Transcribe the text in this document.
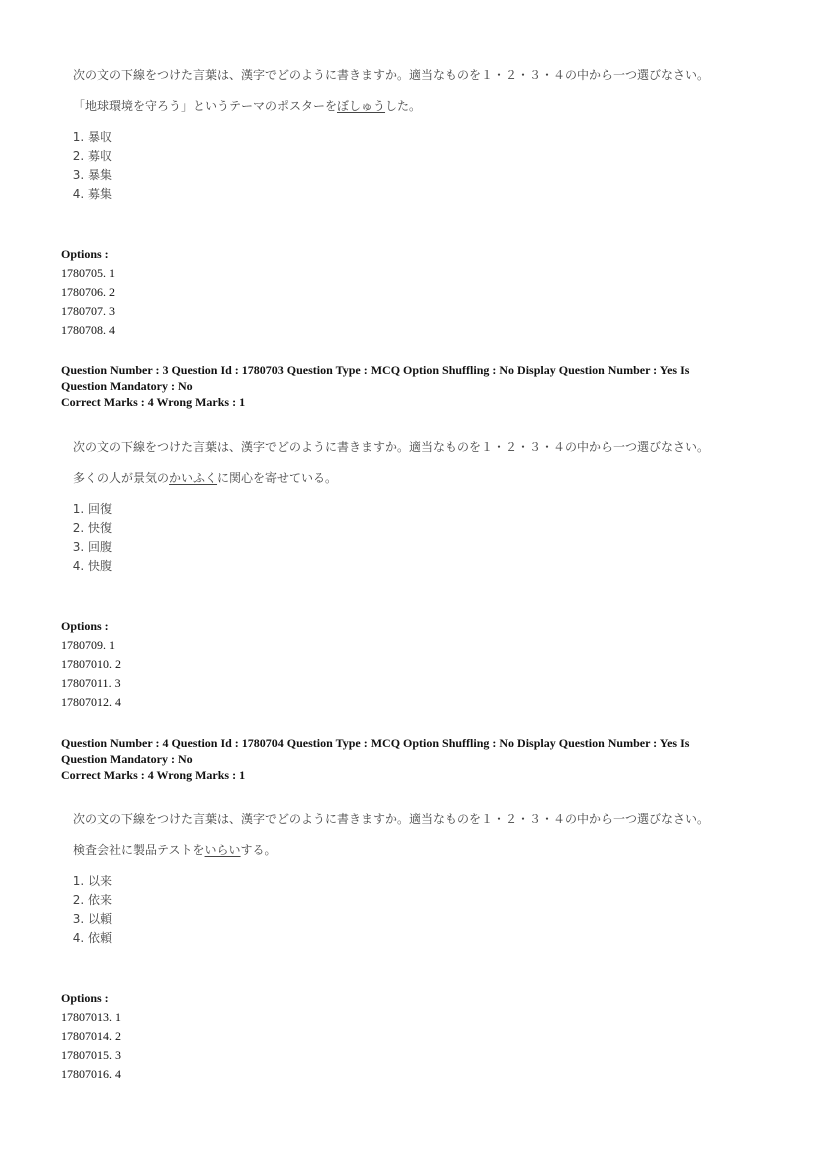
次の文の下線をつけた言葉は、漢字でどのように書きますか。適当なものを１・２・３・４の中から一つ選びなさい。
「地球環境を守ろう」というテーマのポスターをぼしゅうした。
1. 暴収
2. 募収
3. 暴集
4. 募集
Options :
1780705. 1
1780706. 2
1780707. 3
1780708. 4
Question Number : 3 Question Id : 1780703 Question Type : MCQ Option Shuffling : No Display Question Number : Yes Is Question Mandatory : No
Correct Marks : 4 Wrong Marks : 1
次の文の下線をつけた言葉は、漢字でどのように書きますか。適当なものを１・２・３・４の中から一つ選びなさい。
多くの人が景気のかいふくに関心を寄せている。
1. 回復
2. 快復
3. 回腹
4. 快腹
Options :
1780709. 1
17807010. 2
17807011. 3
17807012. 4
Question Number : 4 Question Id : 1780704 Question Type : MCQ Option Shuffling : No Display Question Number : Yes Is Question Mandatory : No
Correct Marks : 4 Wrong Marks : 1
次の文の下線をつけた言葉は、漢字でどのように書きますか。適当なものを１・２・３・４の中から一つ選びなさい。
検査会社に製品テストをいらいする。
1. 以来
2. 依来
3. 以頼
4. 依頼
Options :
17807013. 1
17807014. 2
17807015. 3
17807016. 4
